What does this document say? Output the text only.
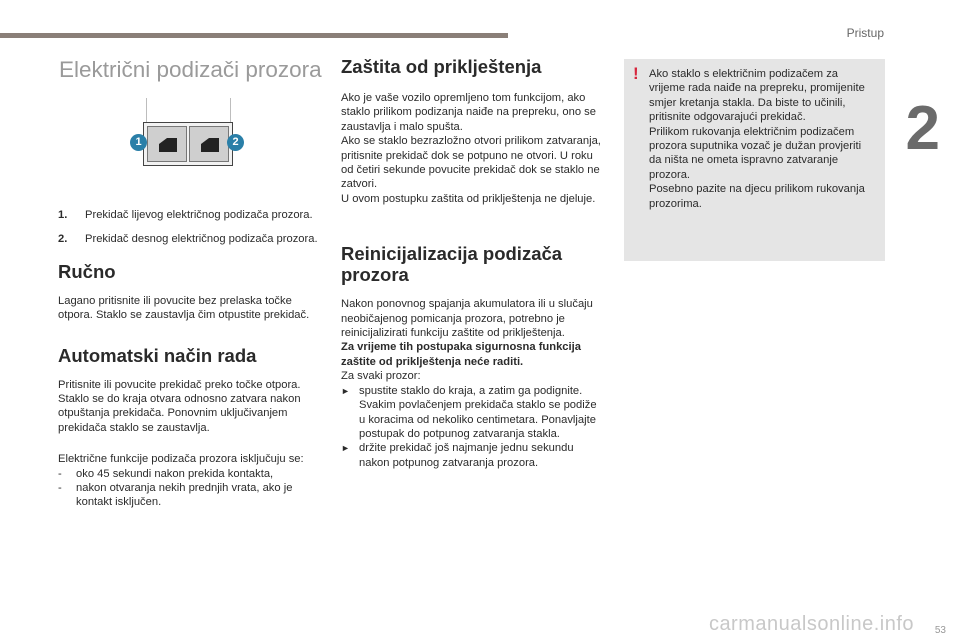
Pristup
2
Električni podizači prozora
1	2
1.	Prekidač lijevog električnog podizača prozora.
2.	Prekidač desnog električnog podizača prozora.
Ručno

Lagano pritisnite ili povucite bez prelaska točke otpora. Staklo se zaustavlja čim otpustite prekidač.

Automatski način rada

Pritisnite ili povucite prekidač preko točke otpora. Staklo se do kraja otvara odnosno zatvara nakon otpuštanja prekidača. Ponovnim uključivanjem prekidača staklo se zaustavlja.

Električne funkcije podizača prozora isključuju se:

-	oko 45 sekundi nakon prekida kontakta,
-	nakon otvaranja nekih prednjih vrata, ako je kontakt isključen.
Zaštita od priklještenja

Ako je vaše vozilo opremljeno tom funkcijom, ako staklo prilikom podizanja naiđe na prepreku, ono se zaustavlja i malo spušta.
Ako se staklo bezrazložno otvori prilikom zatvaranja, pritisnite prekidač dok se potpuno ne otvori. U roku od četiri sekunde povucite prekidač dok se staklo ne zatvori.
U ovom postupku zaštita od priklještenja ne djeluje.

Reinicijalizacija podizača prozora

Nakon ponovnog spajanja akumulatora ili u slučaju neobičajenog pomicanja prozora, potrebno je reinicijalizirati funkciju zaštite od priklještenja.

Za vrijeme tih postupaka sigurnosna funkcija zaštite od priklještenja neće raditi.

Za svaki prozor:

► spustite staklo do kraja, a zatim ga podignite. Svakim povlačenjem prekidača staklo se podiže u koracima od nekoliko centimetara. Ponavljajte postupak do potpunog zatvaranja stakla.
► držite prekidač još najmanje jednu sekundu nakon potpunog zatvaranja prozora.
! Ako staklo s električnim podizačem za vrijeme rada naiđe na prepreku, promijenite smjer kretanja stakla. Da biste to učinili, pritisnite odgovarajući prekidač.
Prilikom rukovanja električnim podizačem prozora suputnika vozač je dužan provjeriti da ništa ne ometa ispravno zatvaranje prozora.
Posebno pazite na djecu prilikom rukovanja prozorima.

carmanualsonline.info 53
